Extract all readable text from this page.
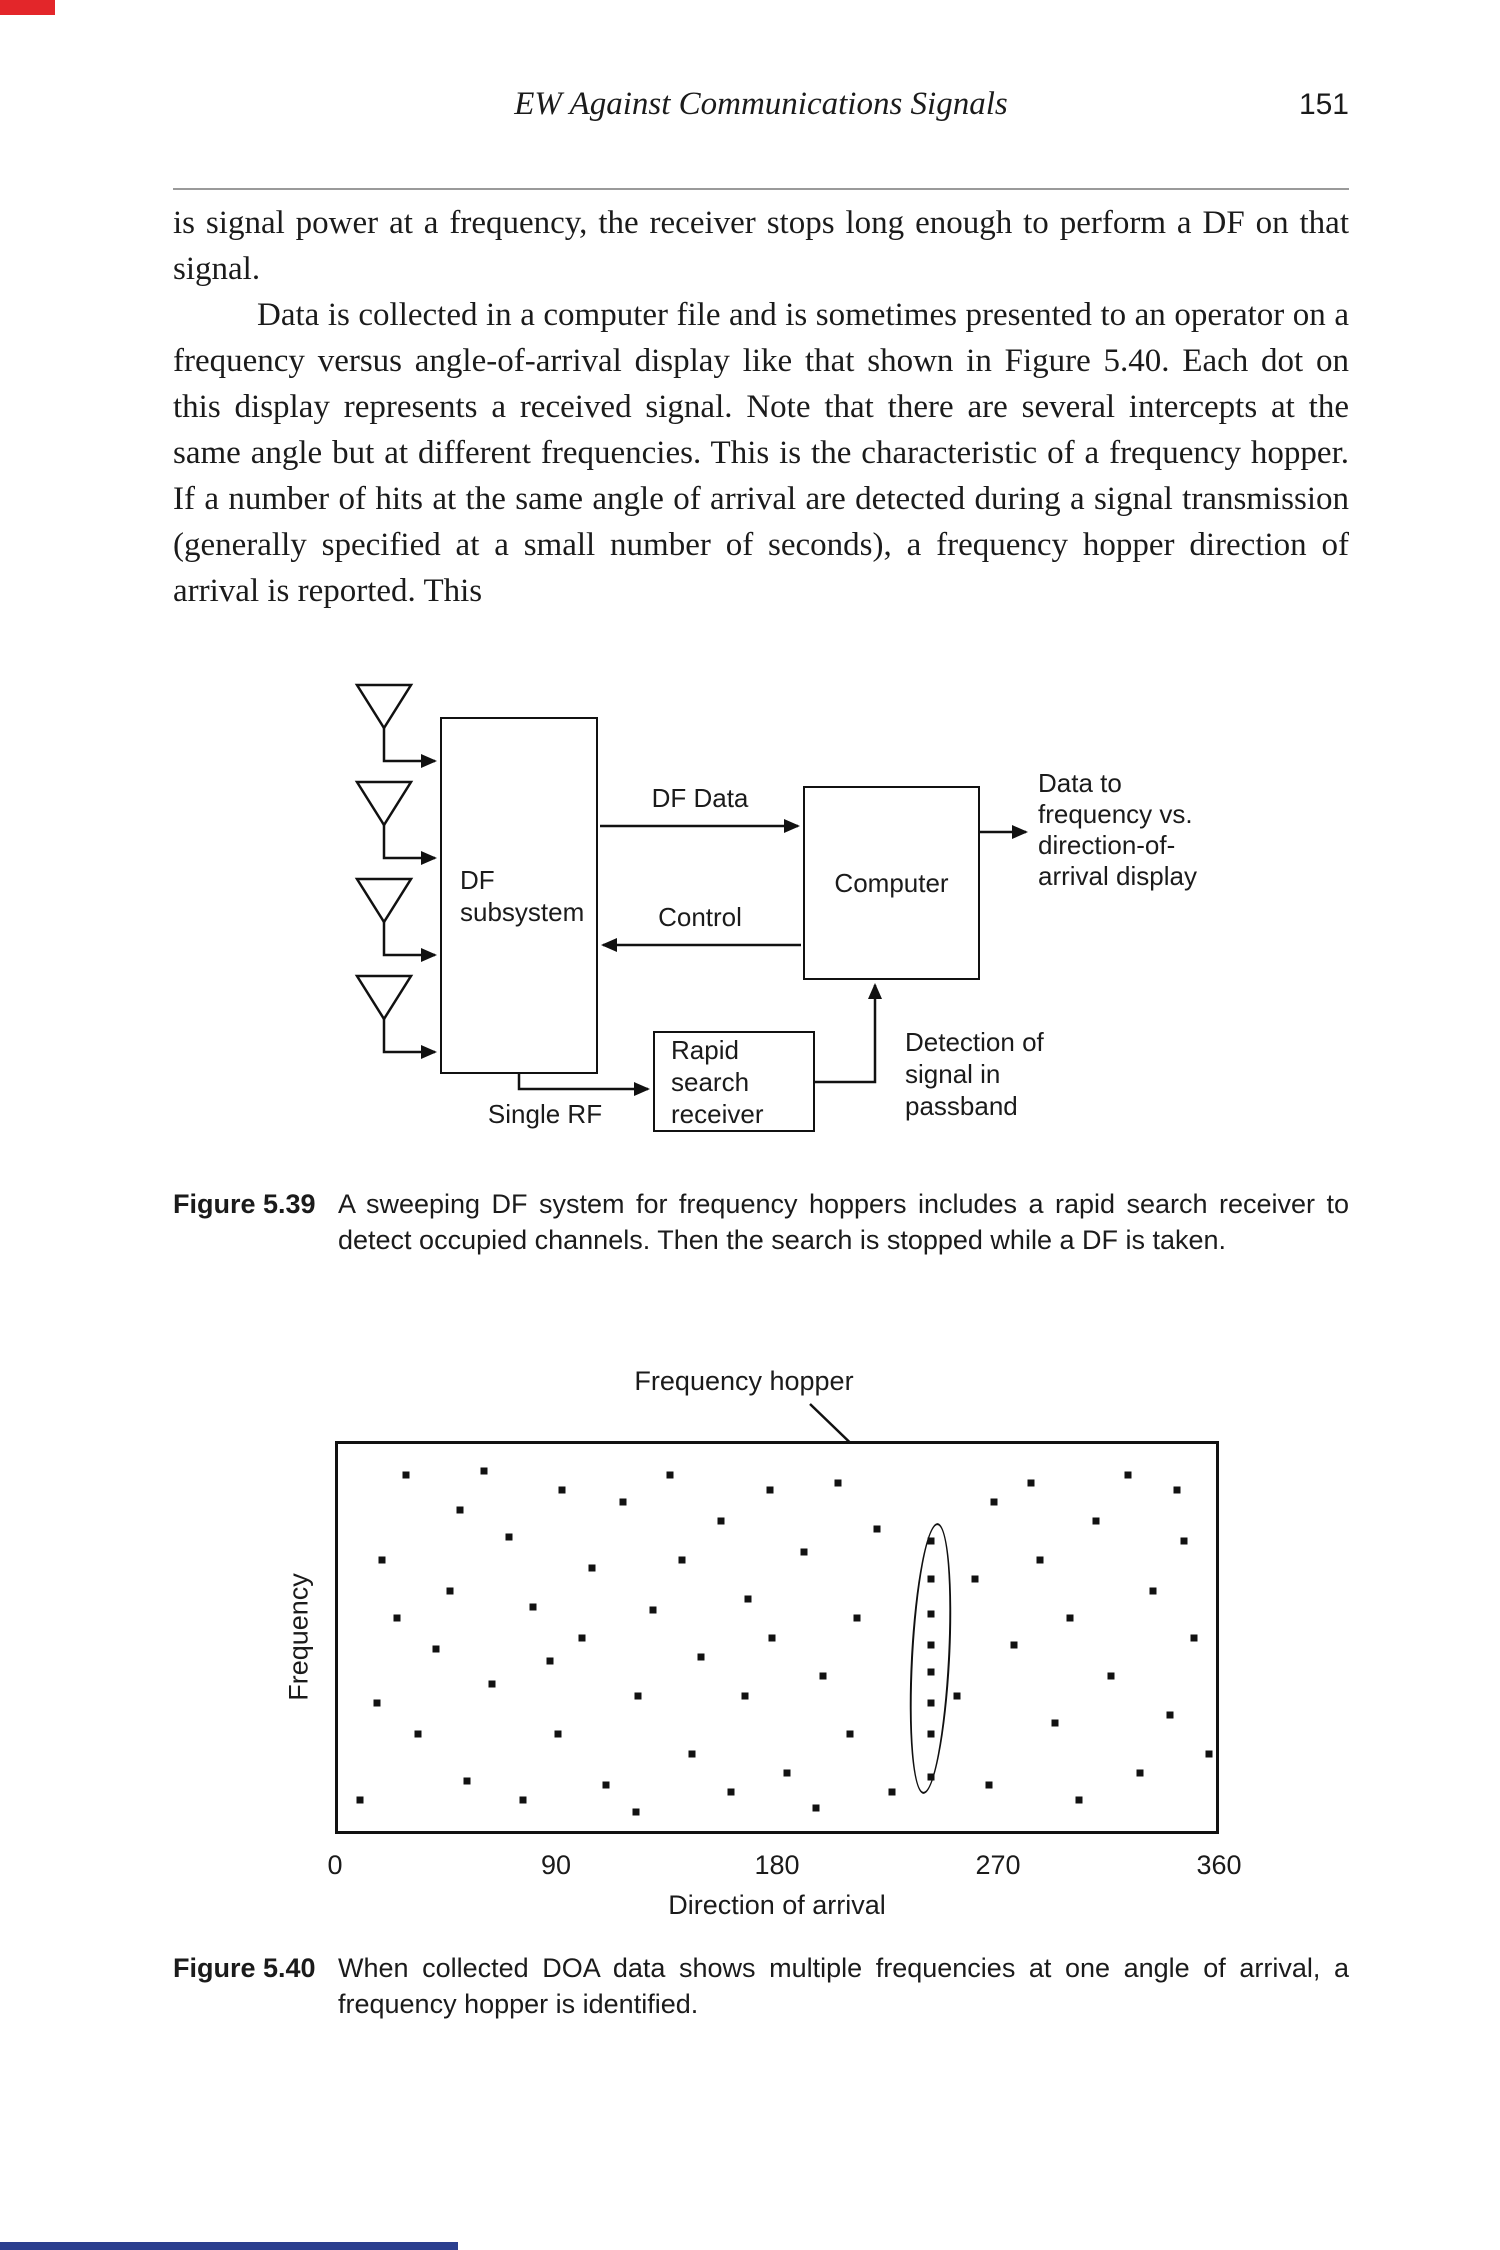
EW Against Communications Signals	151

is signal power at a frequency, the receiver stops long enough to perform a DF on that signal.

Data is collected in a computer file and is sometimes presented to an operator on a frequency versus angle-of-arrival display like that shown in Figure 5.40. Each dot on this display represents a received signal. Note that there are several intercepts at the same angle but at different frequencies. This is the characteristic of a frequency hopper. If a number of hits at the same angle of arrival are detected during a signal transmission (generally specified at a small number of seconds), a frequency hopper direction of arrival is reported. This

DF subsystem
Computer
Rapid search receiver
DF Data
Control
Single RF
Detection of signal in passband
Data to frequency vs. direction-of-arrival display
Figure 5.39 A sweeping DF system for frequency hoppers includes a rapid search receiver to detect occupied channels. Then the search is stopped while a DF is taken.
Frequency hopper
0	90	180	270	360
Direction of arrival
Frequency
Figure 5.40 When collected DOA data shows multiple frequencies at one angle of arrival, a frequency hopper is identified.
